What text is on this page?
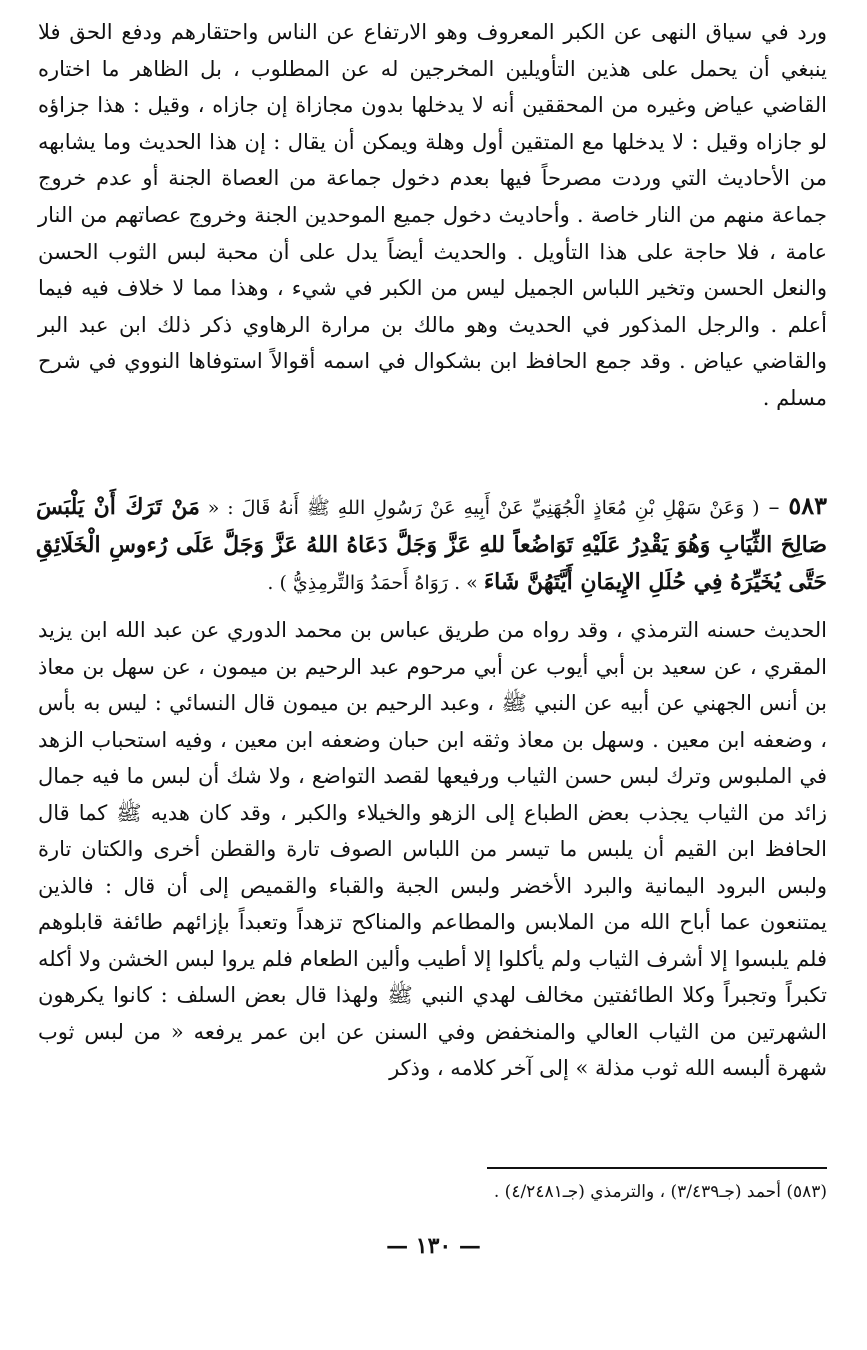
ورد في سياق النهى عن الكبر المعروف وهو الارتفاع عن الناس واحتقارهم ودفع الحق فلا ينبغي أن يحمل على هذين التأويلين المخرجين له عن المطلوب ، بل الظاهر ما اختاره القاضي عياض وغيره من المحققين أنه لا يدخلها بدون مجازاة إن جازاه ، وقيل : هذا جزاؤه لو جازاه وقيل : لا يدخلها مع المتقين أول وهلة ويمكن أن يقال : إن هذا الحديث وما يشابهه من الأحاديث التي وردت مصرحاً فيها بعدم دخول جماعة من العصاة الجنة أو عدم خروج جماعة منهم من النار خاصة . وأحاديث دخول جميع الموحدين الجنة وخروج عصاتهم من النار عامة ، فلا حاجة على هذا التأويل . والحديث أيضاً يدل على أن محبة لبس الثوب الحسن والنعل الحسن وتخير اللباس الجميل ليس من الكبر في شيء ، وهذا مما لا خلاف فيه فيما أعلم . والرجل المذكور في الحديث وهو مالك بن مرارة الرهاوي ذكر ذلك ابن عبد البر والقاضي عياض . وقد جمع الحافظ ابن بشكوال في اسمه أقوالاً استوفاها النووي في شرح مسلم .

٥٨٣ – ( وَعَنْ سَهْلِ بْنِ مُعَاذٍ الْجُهَنِيِّ عَنْ أَبِيهِ عَنْ رَسُولِ اللهِ ﷺ أَنهُ قَالَ : « مَنْ تَرَكَ أَنْ يَلْبَسَ صَالِحَ الثِّيَابِ وَهُوَ يَقْدِرُ عَلَيْهِ تَوَاضُعاً للهِ عَزَّ وَجَلَّ دَعَاهُ اللهُ عَزَّ وَجَلَّ عَلَى رُءوسِ الْخَلَائِقِ حَتَّى يُخَيِّرَهُ فِي حُلَلِ الإِيمَانِ أَيَّتَهُنَّ شَاءَ » . رَوَاهُ أَحمَدُ وَالتِّرمِذِيُّ ) .

الحديث حسنه الترمذي ، وقد رواه من طريق عباس بن محمد الدوري عن عبد الله ابن يزيد المقري ، عن سعيد بن أبي أيوب عن أبي مرحوم عبد الرحيم بن ميمون ، عن سهل بن معاذ بن أنس الجهني عن أبيه عن النبي ﷺ ، وعبد الرحيم بن ميمون قال النسائي : ليس به بأس ، وضعفه ابن معين . وسهل بن معاذ وثقه ابن حبان وضعفه ابن معين ، وفيه استحباب الزهد في الملبوس وترك لبس حسن الثياب ورفيعها لقصد التواضع ، ولا شك أن لبس ما فيه جمال زائد من الثياب يجذب بعض الطباع إلى الزهو والخيلاء والكبر ، وقد كان هديه ﷺ كما قال الحافظ ابن القيم أن يلبس ما تيسر من اللباس الصوف تارة والقطن أخرى والكتان تارة ولبس البرود اليمانية والبرد الأخضر ولبس الجبة والقباء والقميص إلى أن قال : فالذين يمتنعون عما أباح الله من الملابس والمطاعم والمناكح تزهداً وتعبداً بإزائهم طائفة قابلوهم فلم يلبسوا إلا أشرف الثياب ولم يأكلوا إلا أطيب وألين الطعام فلم يروا لبس الخشن ولا أكله تكبراً وتجبراً وكلا الطائفتين مخالف لهدي النبي ﷺ ولهذا قال بعض السلف : كانوا يكرهون الشهرتين من الثياب العالي والمنخفض وفي السنن عن ابن عمر يرفعه « من لبس ثوب شهرة ألبسه الله ثوب مذلة » إلى آخر كلامه ، وذكر

(٥٨٣) أحمد (جـ٣/٤٣٩) ، والترمذي (جـ٤/٢٤٨١) .
— ١٣٠ —
